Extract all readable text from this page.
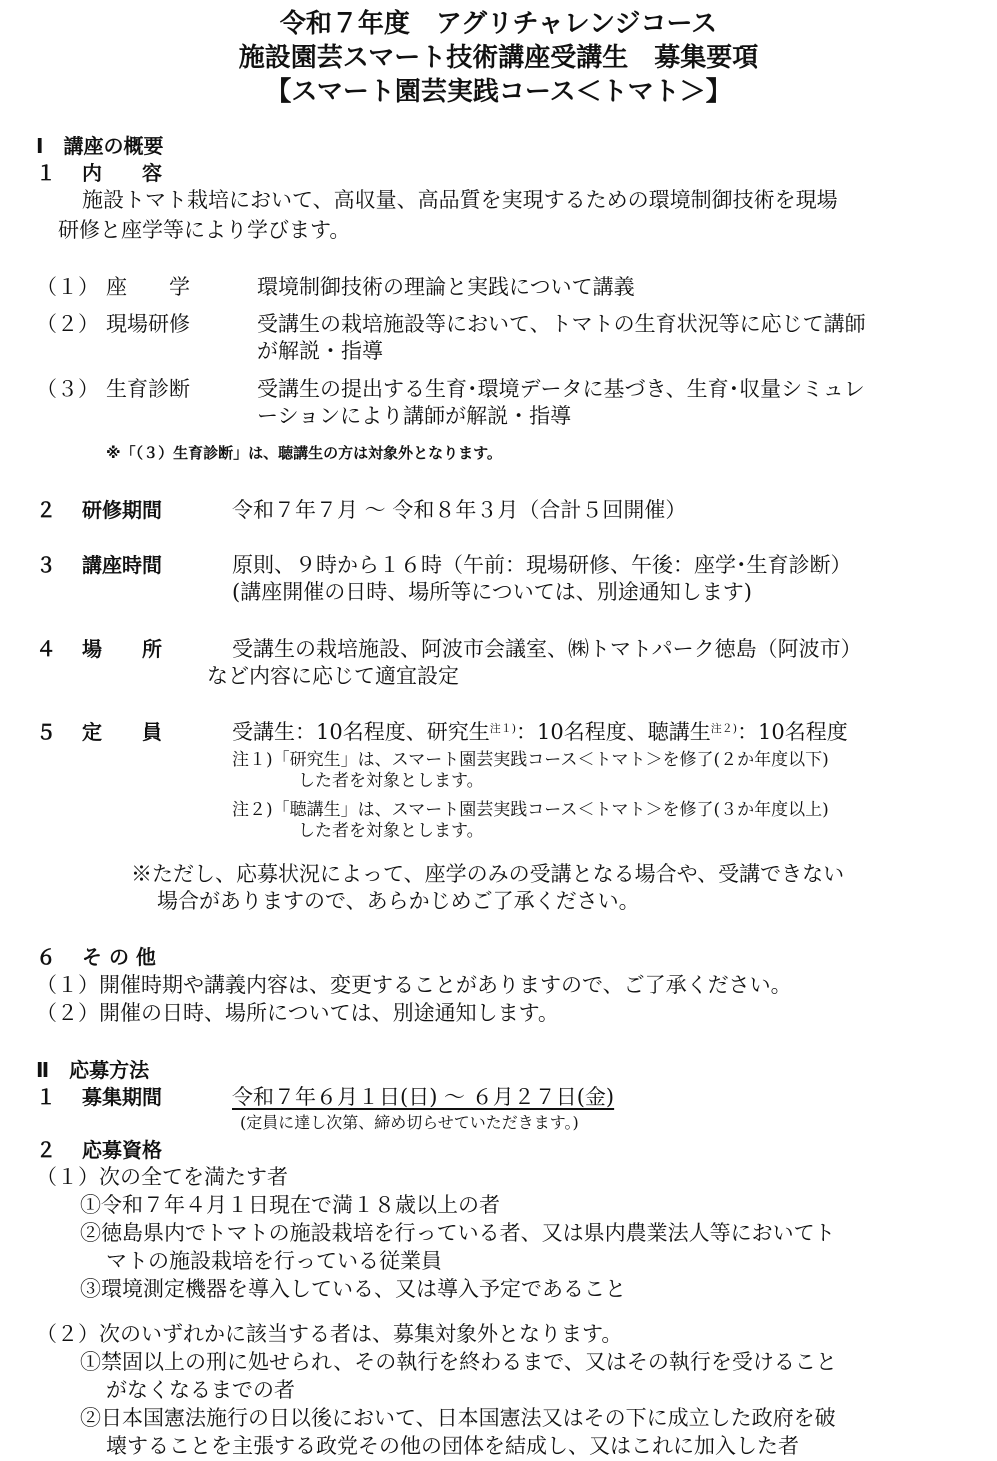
令和７年度　アグリチャレンジコース
施設園芸スマート技術講座受講生　募集要項
【スマート園芸実践コース＜トマト＞】
Ⅰ　講座の概要
１ 内　　容
施設トマト栽培において、高収量、高品質を実現するための環境制御技術を現場
研修と座学等により学びます。
（１） 座　　学	環境制御技術の理論と実践について講義
（２） 現場研修	受講生の栽培施設等において、トマトの生育状況等に応じて講師
が解説・指導
（３） 生育診断	受講生の提出する生育･環境データに基づき、生育･収量シミュレ
ーションにより講師が解説・指導
※「（３）生育診断」は、聴講生の方は対象外となります。
２ 研修期間	令和７年７月 ～ 令和８年３月（合計５回開催）
３ 講座時間	原則、９時から１６時（午前：現場研修、午後：座学･生育診断）
(講座開催の日時、場所等については、別途通知します)
４ 場　　所	受講生の栽培施設、阿波市会議室、㈱トマトパーク徳島（阿波市）
など内容に応じて適宜設定
５ 定　　員	受講生：10名程度、研究生$^{注1)}$：10名程度、聴講生$^{注2)}$：10名程度
注１)「研究生」は、スマート園芸実践コース＜トマト＞を修了(２か年度以下)
した者を対象とします。
注２)「聴講生」は、スマート園芸実践コース＜トマト＞を修了(３か年度以上)
した者を対象とします。
※ただし、応募状況によって、座学のみの受講となる場合や、受講できない
場合がありますので、あらかじめご了承ください。
６ そ の 他
（１）開催時期や講義内容は、変更することがありますので、ご了承ください。
（２）開催の日時、場所については、別途通知します。
Ⅱ　応募方法
１ 募集期間	令和７年６月１日(日) ～ ６月２７日(金)
(定員に達し次第、締め切らせていただきます。)
２ 応募資格
（１）次の全てを満たす者
①令和７年４月１日現在で満１８歳以上の者
②徳島県内でトマトの施設栽培を行っている者、又は県内農業法人等においてト
マトの施設栽培を行っている従業員
③環境測定機器を導入している、又は導入予定であること
（２）次のいずれかに該当する者は、募集対象外となります。
①禁固以上の刑に処せられ、その執行を終わるまで、又はその執行を受けること
がなくなるまでの者
②日本国憲法施行の日以後において、日本国憲法又はその下に成立した政府を破
壊することを主張する政党その他の団体を結成し、又はこれに加入した者
